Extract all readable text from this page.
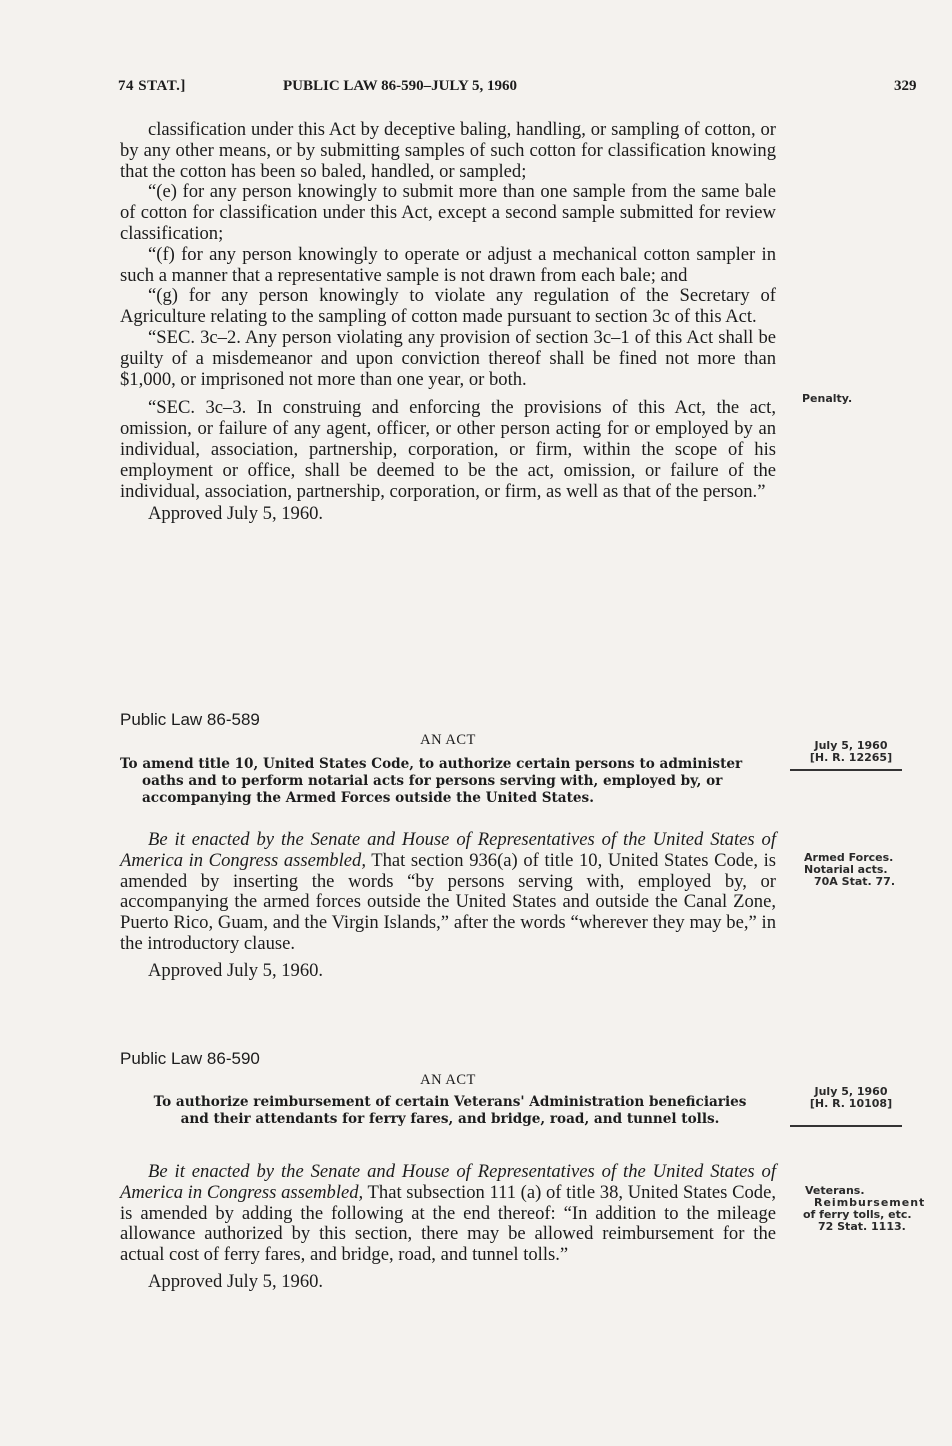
74 STAT.]	PUBLIC LAW 86-590–JULY 5, 1960	329

classification under this Act by deceptive baling, handling, or sampling of cotton, or by any other means, or by submitting samples of such cotton for classification knowing that the cotton has been so baled, handled, or sampled;

“(e) for any person knowingly to submit more than one sample from the same bale of cotton for classification under this Act, except a second sample submitted for review classification;

“(f) for any person knowingly to operate or adjust a mechanical cotton sampler in such a manner that a representative sample is not drawn from each bale; and

“(g) for any person knowingly to violate any regulation of the Secretary of Agriculture relating to the sampling of cotton made pursuant to section 3c of this Act.

“SEC. 3c–2. Any person violating any provision of section 3c–1 of this Act shall be guilty of a misdemeanor and upon conviction thereof shall be fined not more than $1,000, or imprisoned not more than one year, or both.

“SEC. 3c–3. In construing and enforcing the provisions of this Act, the act, omission, or failure of any agent, officer, or other person acting for or employed by an individual, association, partnership, corporation, or firm, within the scope of his employment or office, shall be deemed to be the act, omission, or failure of the individual, association, partnership, corporation, or firm, as well as that of the person.”

Approved July 5, 1960.

Penalty.
Public Law 86-589
AN ACT
To amend title 10, United States Code, to authorize certain persons to administer oaths and to perform notarial acts for persons serving with, employed by, or accompanying the Armed Forces outside the United States.
July 5, 1960
[H. R. 12265]

Be it enacted by the Senate and House of Representatives of the United States of America in Congress assembled, That section 936(a) of title 10, United States Code, is amended by inserting the words “by persons serving with, employed by, or accompanying the armed forces outside the United States and outside the Canal Zone, Puerto Rico, Guam, and the Virgin Islands,” after the words “wherever they may be,” in the introductory clause.

Approved July 5, 1960.

Armed Forces.
Notarial acts.
70A Stat. 77.
Public Law 86-590
AN ACT
To authorize reimbursement of certain Veterans' Administration beneficiaries
and their attendants for ferry fares, and bridge, road, and tunnel tolls.
July 5, 1960
[H. R. 10108]

Be it enacted by the Senate and House of Representatives of the United States of America in Congress assembled, That subsection 111 (a) of title 38, United States Code, is amended by adding the following at the end thereof: “In addition to the mileage allowance authorized by this section, there may be allowed reimbursement for the actual cost of ferry fares, and bridge, road, and tunnel tolls.”

Approved July 5, 1960.

Veterans.
Reimbursement
of ferry tolls, etc.
72 Stat. 1113.
